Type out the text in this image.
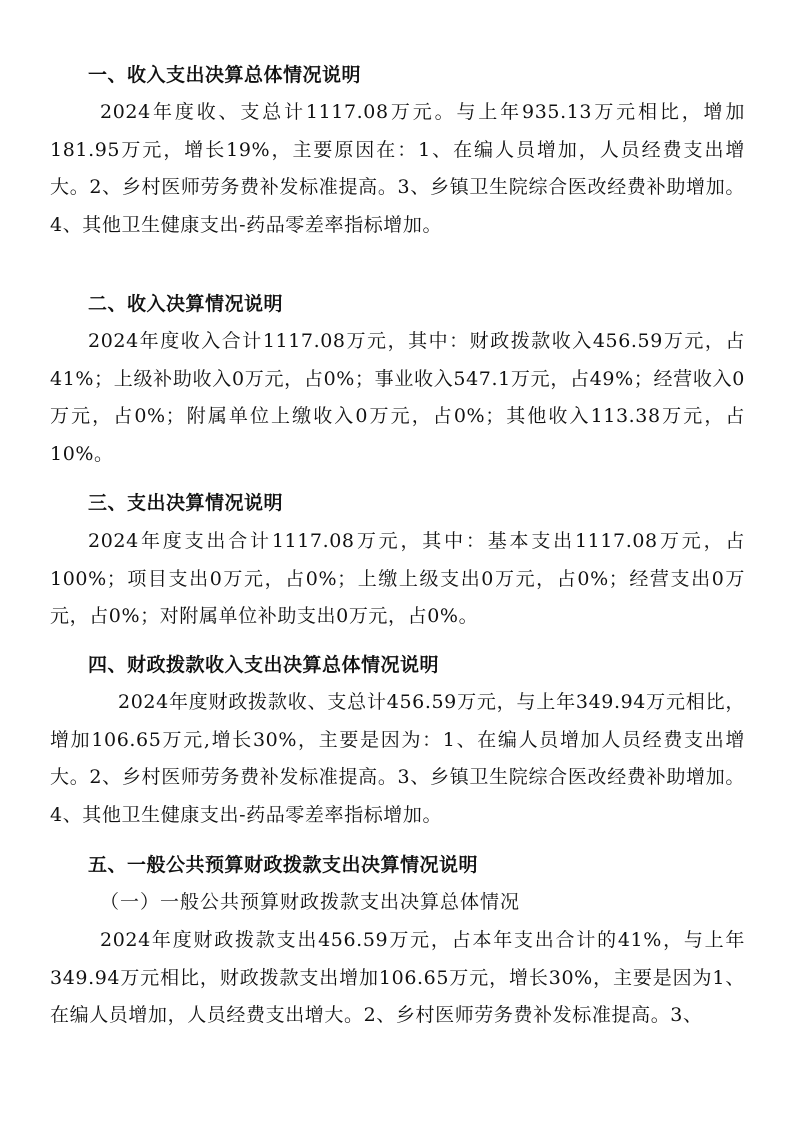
一、收入支出决算总体情况说明
2024年度收、支总计1117.08万元。与上年935.13万元相比，增加181.95万元，增长19%，主要原因在：1、在编人员增加，人员经费支出增大。2、乡村医师劳务费补发标准提高。3、乡镇卫生院综合医改经费补助增加。4、其他卫生健康支出-药品零差率指标增加。
二、收入决算情况说明
2024年度收入合计1117.08万元，其中：财政拨款收入456.59万元，占41%；上级补助收入0万元，占0%；事业收入547.1万元，占49%；经营收入0万元，占0%；附属单位上缴收入0万元，占0%；其他收入113.38万元，占10%。
三、支出决算情况说明
2024年度支出合计1117.08万元，其中：基本支出1117.08万元，占100%；项目支出0万元，占0%；上缴上级支出0万元，占0%；经营支出0万元，占0%；对附属单位补助支出0万元，占0%。
四、财政拨款收入支出决算总体情况说明
2024年度财政拨款收、支总计456.59万元，与上年349.94万元相比，增加106.65万元,增长30%，主要是因为：1、在编人员增加人员经费支出增大。2、乡村医师劳务费补发标准提高。3、乡镇卫生院综合医改经费补助增加。4、其他卫生健康支出-药品零差率指标增加。
五、一般公共预算财政拨款支出决算情况说明
（一）一般公共预算财政拨款支出决算总体情况
2024年度财政拨款支出456.59万元，占本年支出合计的41%，与上年349.94万元相比，财政拨款支出增加106.65万元，增长30%，主要是因为1、在编人员增加，人员经费支出增大。2、乡村医师劳务费补发标准提高。3、
